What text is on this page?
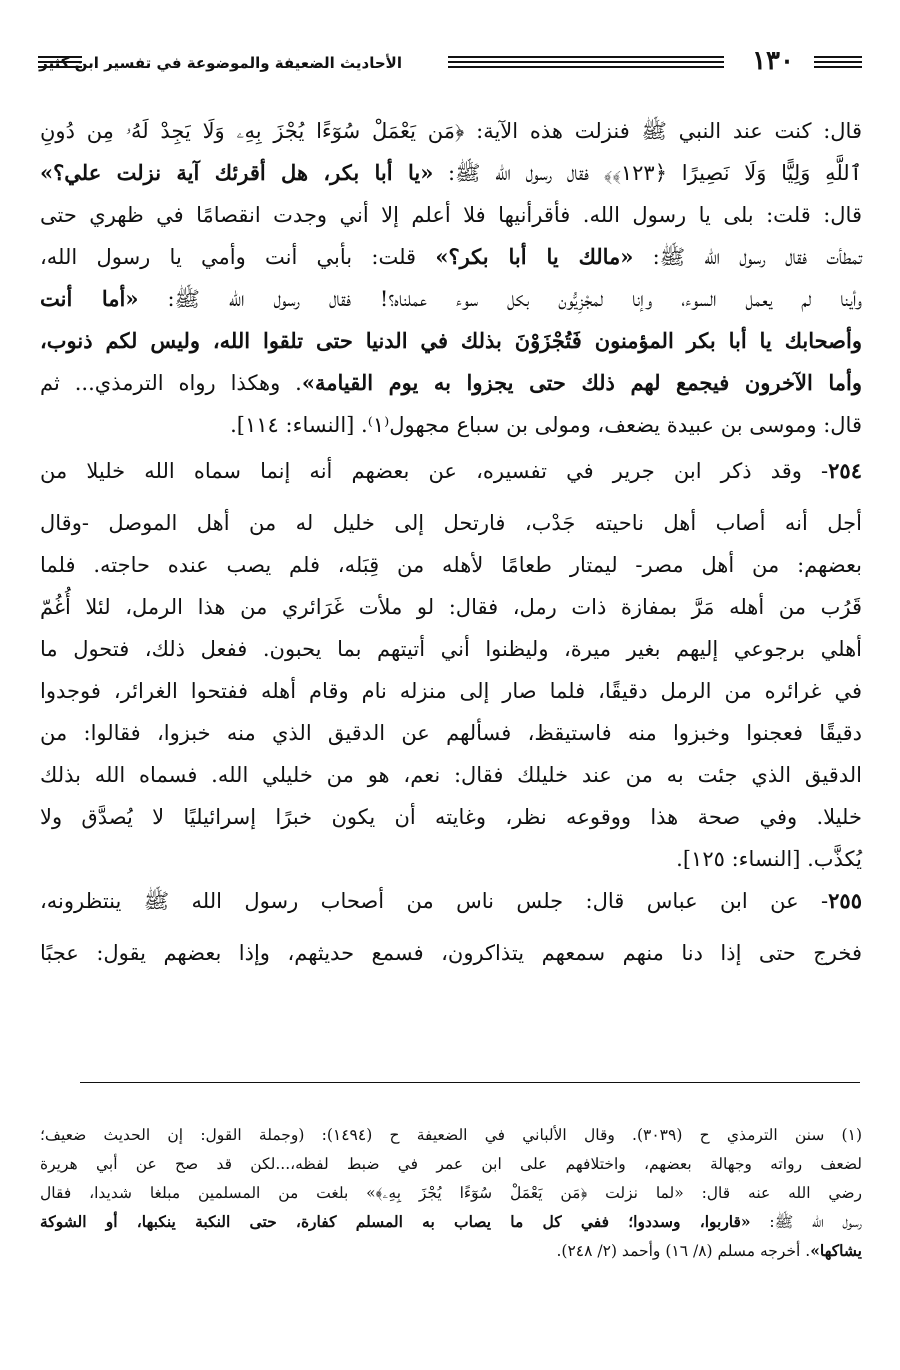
١٣٠
الأحاديث الضعيفة والموضوعة في تفسير ابن كثير
قال: كنت عند النبي ﷺ فنزلت هذه الآية: ﴿مَن يَعْمَلْ سُوٓءًا يُجْزَ بِهِۦ وَلَا يَجِدْ لَهُۥ مِن دُونِ
ٱللَّهِ وَلِيًّا وَلَا نَصِيرًا ﴿١٢٣﴾﴾ فقال رسول الله ﷺ: «يا أبا بكر، هل أقرئك آية نزلت علي؟»
قال: قلت: بلى يا رسول الله. فأقرأنيها فلا أعلم إلا أني وجدت انقصامًا في ظهري حتى
تمطأت فقال رسول الله ﷺ: «مالك يا أبا بكر؟» قلت: بأبي أنت وأمي يا رسول الله،
وأينا لم يعمل السوء، وإنا لمجْزِيُّون بكل سوء عملناه؟! فقال رسول الله ﷺ: «أما أنت
وأصحابك يا أبا بكر المؤمنون فَتُجْزَوْنَ بذلك في الدنيا حتى تلقوا الله، وليس لكم ذنوب،
وأما الآخرون فيجمع لهم ذلك حتى يجزوا به يوم القيامة». وهكذا رواه الترمذي... ثم
قال: وموسى بن عبيدة يضعف، ومولى بن سباع مجهول⁽١⁾. [النساء: ١١٤].
٢٥٤- وقد ذكر ابن جرير في تفسيره، عن بعضهم أنه إنما سماه الله خليلا من
أجل أنه أصاب أهل ناحيته جَدْب، فارتحل إلى خليل له من أهل الموصل -وقال
بعضهم: من أهل مصر- ليمتار طعامًا لأهله من قِبَله، فلم يصب عنده حاجته. فلما
قَرُب من أهله مَرَّ بمفازة ذات رمل، فقال: لو ملأت غَرَائري من هذا الرمل، لئلا أُغُمّ
أهلي برجوعي إليهم بغير ميرة، وليظنوا أني أتيتهم بما يحبون. ففعل ذلك، فتحول ما
في غرائره من الرمل دقيقًا، فلما صار إلى منزله نام وقام أهله ففتحوا الغرائر، فوجدوا
دقيقًا فعجنوا وخبزوا منه فاستيقظ، فسألهم عن الدقيق الذي منه خبزوا، فقالوا: من
الدقيق الذي جئت به من عند خليلك فقال: نعم، هو من خليلي الله. فسماه الله بذلك
خليلا. وفي صحة هذا ووقوعه نظر، وغايته أن يكون خبرًا إسرائيليًا لا يُصدَّق ولا
يُكذَّب. [النساء: ١٢٥].
٢٥٥- عن ابن عباس قال: جلس ناس من أصحاب رسول الله ﷺ ينتظرونه،
فخرج حتى إذا دنا منهم سمعهم يتذاكرون، فسمع حديثهم، وإذا بعضهم يقول: عجبًا
(١) سنن الترمذي ح (٣٠٣٩). وقال الألباني في الضعيفة ح (١٤٩٤): (وجملة القول: إن الحديث ضعيف؛
لضعف رواته وجهالة بعضهم، واختلافهم على ابن عمر في ضبط لفظه،...لكن قد صح عن أبي هريرة
رضي الله عنه قال: «لما نزلت ﴿مَن يَعْمَلْ سُوٓءًا يُجْزَ بِهِۦ﴾» بلغت من المسلمين مبلغا شديدا، فقال
رسول الله ﷺ: «قاربوا، وسددوا؛ ففي كل ما يصاب به المسلم كفارة، حتى النكبة ينكبها، أو الشوكة
يشاكها». أخرجه مسلم (٨/ ١٦) وأحمد (٢/ ٢٤٨).
